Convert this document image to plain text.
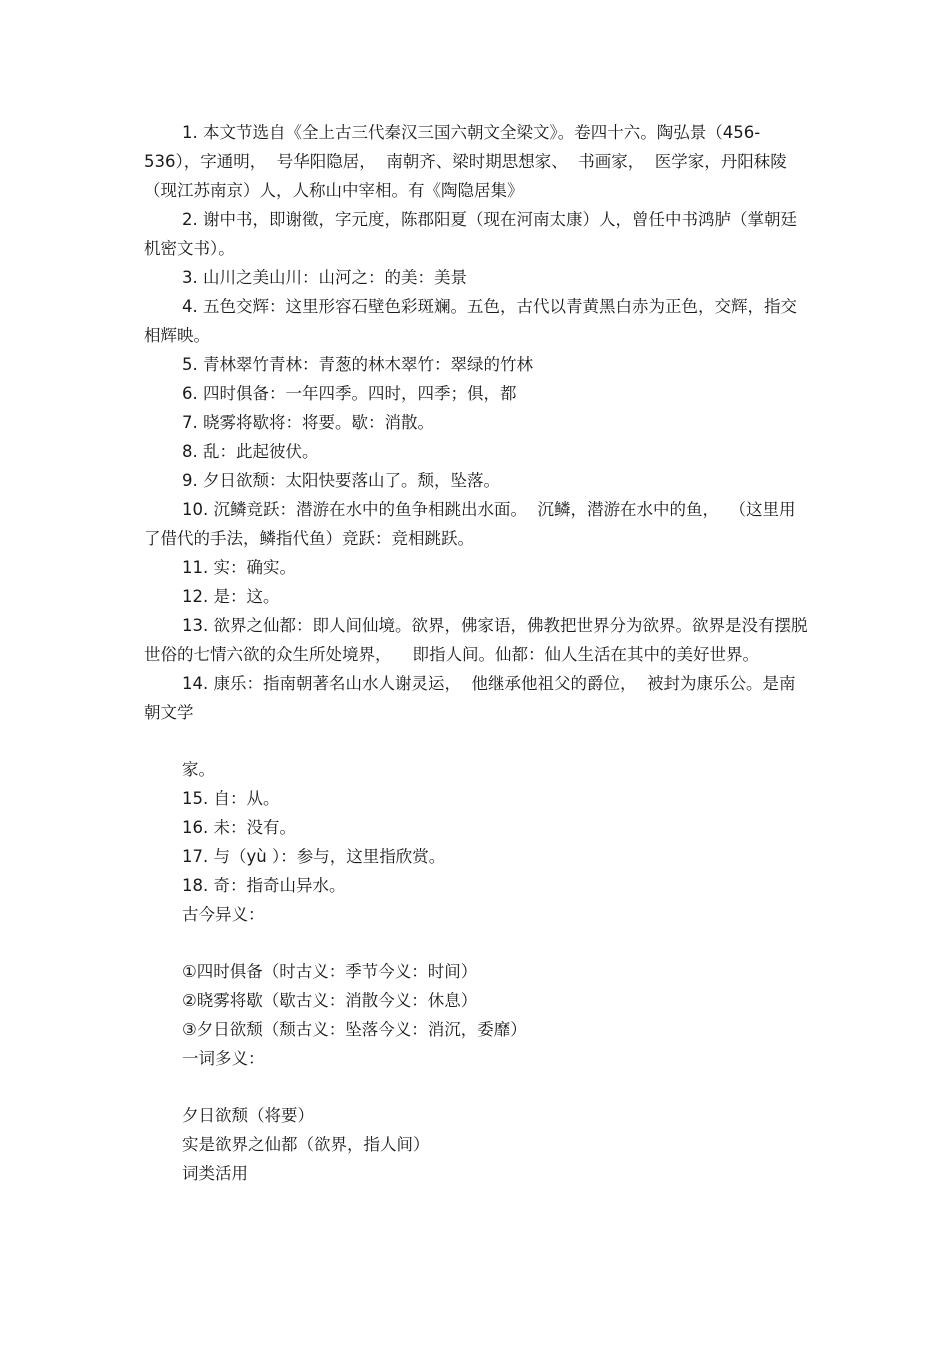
1. 本文节选自《全上古三代秦汉三国六朝文全梁文》。卷四十六。陶弘景（456-536），字通明，  号华阳隐居，  南朝齐、梁时期思想家、  书画家，  医学家，丹阳秣陵（现江苏南京）人，人称山中宰相。有《陶隐居集》

2. 谢中书，即谢徵，字元度，陈郡阳夏（现在河南太康）人，曾任中书鸿胪（掌朝廷机密文书）。

3. 山川之美山川：山河之：的美：美景

4. 五色交辉：这里形容石壁色彩斑斓。五色，古代以青黄黑白赤为正色，交辉，指交相辉映。

5. 青林翠竹青林：青葱的林木翠竹：翠绿的竹林

6. 四时俱备：一年四季。四时，四季；俱，都

7. 晓雾将歇将：将要。歇：消散。

8. 乱：此起彼伏。

9. 夕日欲颓：太阳快要落山了。颓，坠落。

10. 沉鳞竞跃：潜游在水中的鱼争相跳出水面。  沉鳞，潜游在水中的鱼，  （这里用了借代的手法，鳞指代鱼）竞跃：竞相跳跃。

11. 实：确实。

12. 是：这。

13. 欲界之仙都：即人间仙境。欲界，佛家语，佛教把世界分为欲界。欲界是没有摆脱世俗的七情六欲的众生所处境界，    即指人间。仙都：仙人生活在其中的美好世界。

14. 康乐：指南朝著名山水人谢灵运，  他继承他祖父的爵位，  被封为康乐公。是南朝文学

家。

15. 自：从。

16. 未：没有。

17. 与（yù ）：参与，这里指欣赏。

18. 奇：指奇山异水。

古今异义：

①四时俱备（时古义：季节今义：时间）

②晓雾将歇（歇古义：消散今义：休息）

③夕日欲颓（颓古义：坠落今义：消沉，委靡）

一词多义：

夕日欲颓（将要）

实是欲界之仙都（欲界，指人间）

词类活用
